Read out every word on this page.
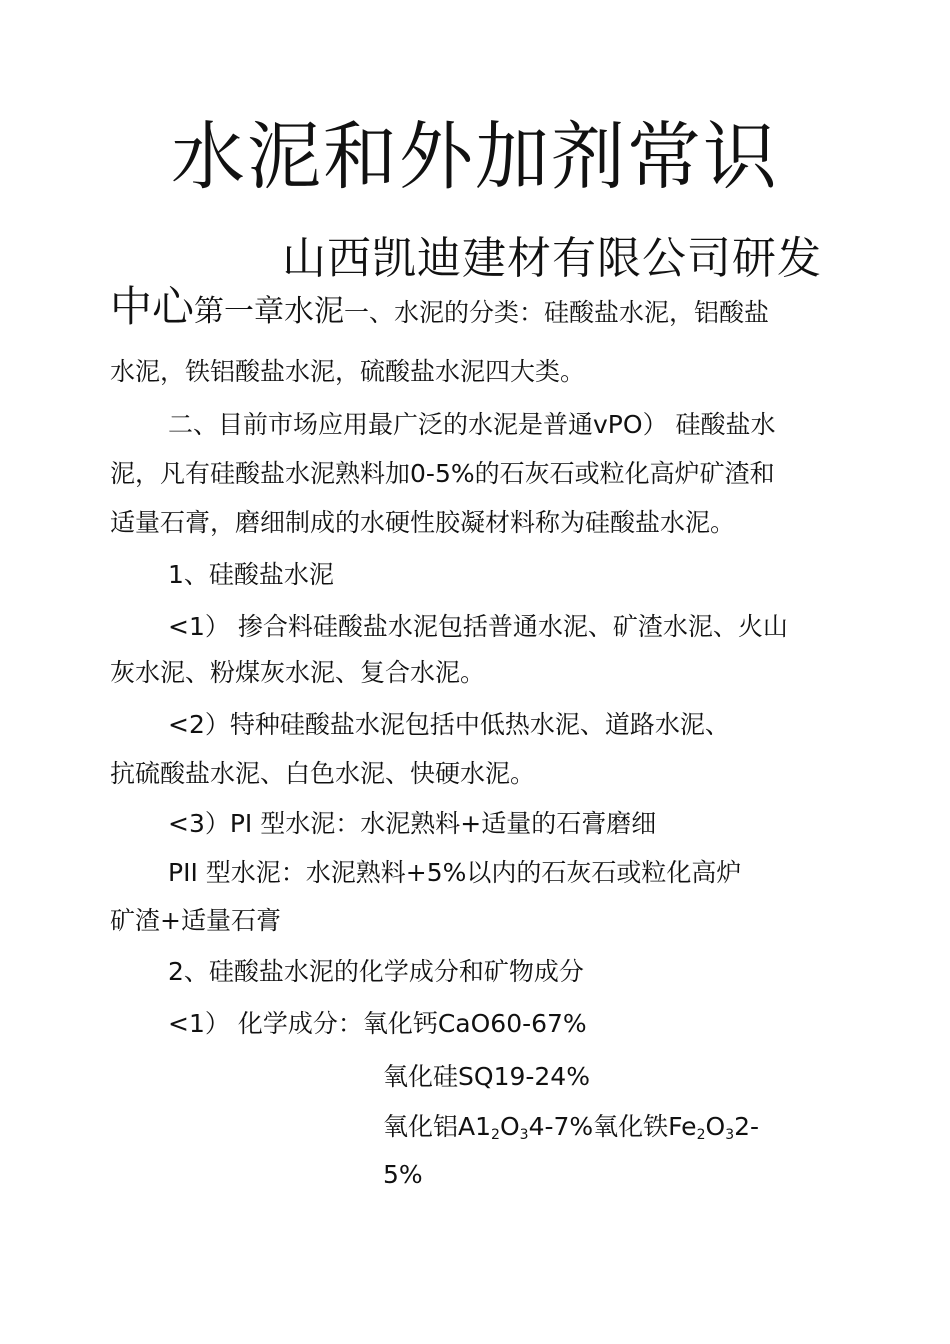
水泥和外加剂常识
山西凯迪建材有限公司研发
中心第一章水泥一、水泥的分类：硅酸盐水泥，铝酸盐
水泥，铁铝酸盐水泥，硫酸盐水泥四大类。
二、目前市场应用最广泛的水泥是普通vPO） 硅酸盐水
泥，凡有硅酸盐水泥熟料加0-5%的石灰石或粒化高炉矿渣和
适量石膏，磨细制成的水硬性胶凝材料称为硅酸盐水泥。
1、硅酸盐水泥
<1） 掺合料硅酸盐水泥包括普通水泥、矿渣水泥、火山
灰水泥、粉煤灰水泥、复合水泥。
<2）特种硅酸盐水泥包括中低热水泥、道路水泥、
抗硫酸盐水泥、白色水泥、快硬水泥。
<3）PI 型水泥：水泥熟料+适量的石膏磨细
PII 型水泥：水泥熟料+5%以内的石灰石或粒化高炉
矿渣+适量石膏
2、硅酸盐水泥的化学成分和矿物成分
<1） 化学成分：氧化钙CaO60-67%
氧化硅SQ19-24%
氧化铝$A1_2O_34-7\%$氧化铁$Fe_2O_32-$
5%
